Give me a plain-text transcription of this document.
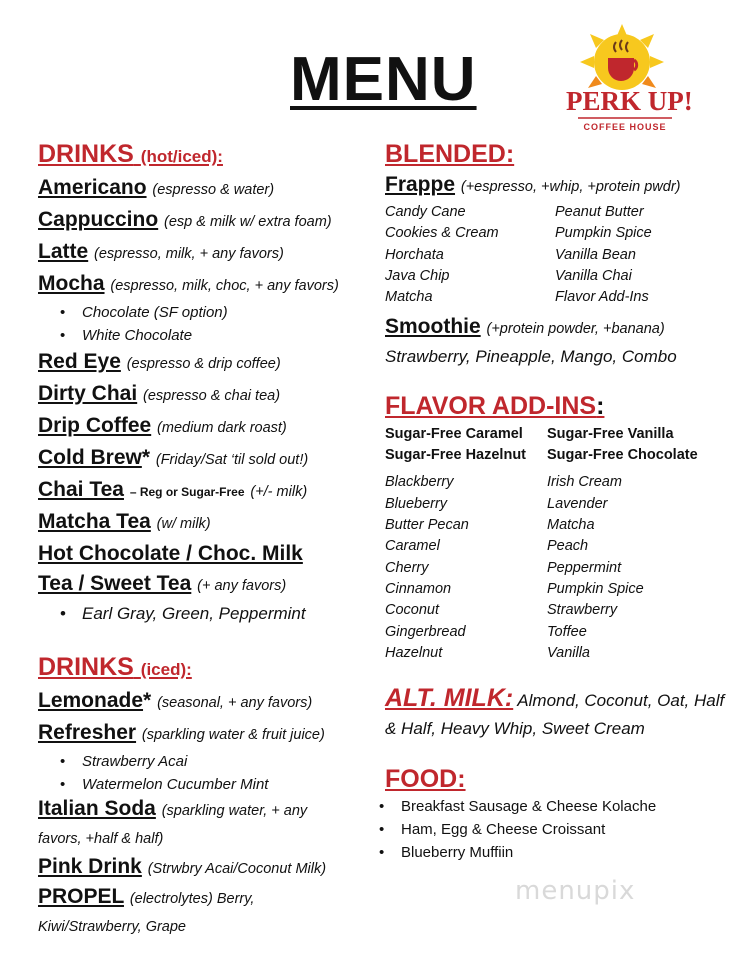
MENU	PERK UP!
COFFEE HOUSE
DRINKS (hot/iced):
Americano (espresso & water)
Cappuccino (esp & milk w/ extra foam)
Latte (espresso, milk, + any favors)
Mocha (espresso, milk, choc, + any favors)
• Chocolate (SF option)
• White Chocolate
Red Eye (espresso & drip coffee)
Dirty Chai (espresso & chai tea)
Drip Coffee (medium dark roast)
Cold Brew* (Friday/Sat ‘til sold out!)
Chai Tea – Reg or Sugar-Free (+/- milk)
Matcha Tea (w/ milk)
Hot Chocolate / Choc. Milk
Tea / Sweet Tea (+ any favors)
• Earl Gray, Green, Peppermint
DRINKS (iced):
Lemonade* (seasonal, + any favors)
Refresher (sparkling water & fruit juice)
• Strawberry Acai
• Watermelon Cucumber Mint
Italian Soda (sparkling water, + any favors, +half & half)
Pink Drink (Strwbry Acai/Coconut Milk)
PROPEL (electrolytes) Berry, Kiwi/Strawberry, Grape
BLENDED:
Frappe (+espresso, +whip, +protein pwdr)
Candy Cane	Peanut Butter
Cookies & Cream	Pumpkin Spice
Horchata	Vanilla Bean
Java Chip	Vanilla Chai
Matcha	Flavor Add-Ins
Smoothie (+protein powder, +banana)
Strawberry, Pineapple, Mango, Combo
FLAVOR ADD-INS:
Sugar-Free Caramel	Sugar-Free Vanilla
Sugar-Free Hazelnut	Sugar-Free Chocolate
Blackberry	Irish Cream
Blueberry	Lavender
Butter Pecan	Matcha
Caramel	Peach
Cherry	Peppermint
Cinnamon	Pumpkin Spice
Coconut	Strawberry
Gingerbread	Toffee
Hazelnut	Vanilla
ALT. MILK: Almond, Coconut, Oat, Half & Half, Heavy Whip, Sweet Cream
FOOD:
• Breakfast Sausage & Cheese Kolache
• Ham, Egg & Cheese Croissant
• Blueberry Muffiin
menupix
